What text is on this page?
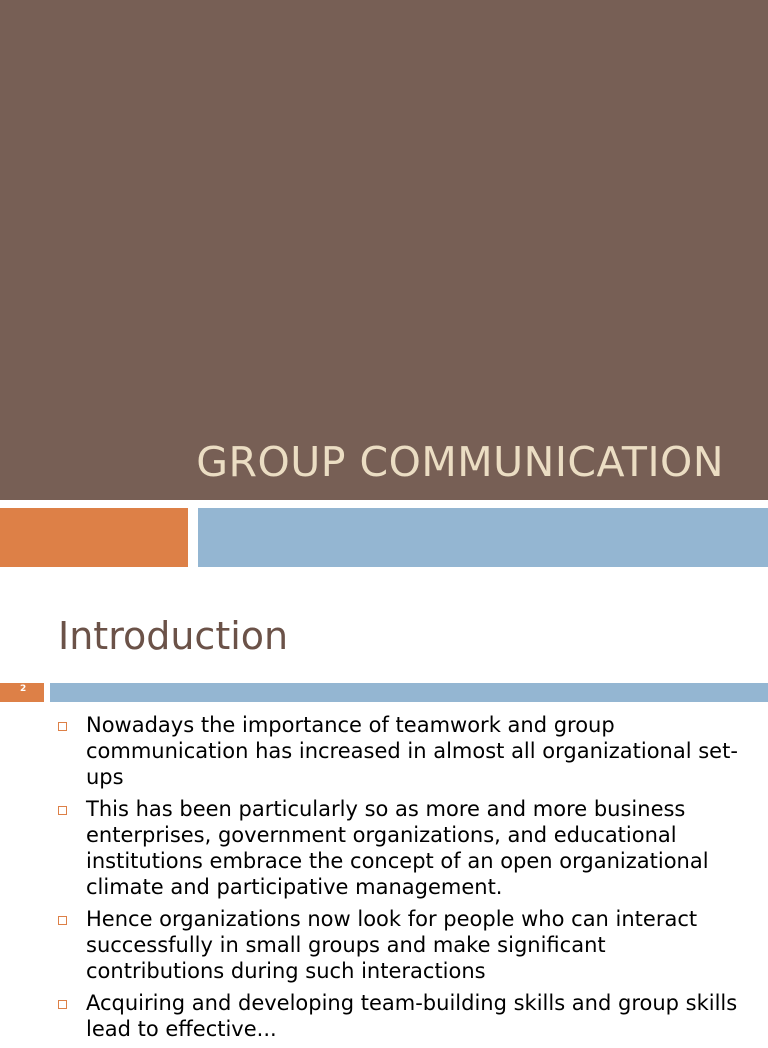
GROUP COMMUNICATION
Introduction
2
Nowadays the importance of teamwork and group communication has increased in almost all organizational set-ups
This has been particularly so as more and more business enterprises, government organizations, and educational institutions embrace the concept of an open organizational climate and participative management.
Hence organizations now look for people who can interact successfully in small groups and make significant contributions during such interactions
Acquiring and developing team-building skills and group skills lead to effective...
